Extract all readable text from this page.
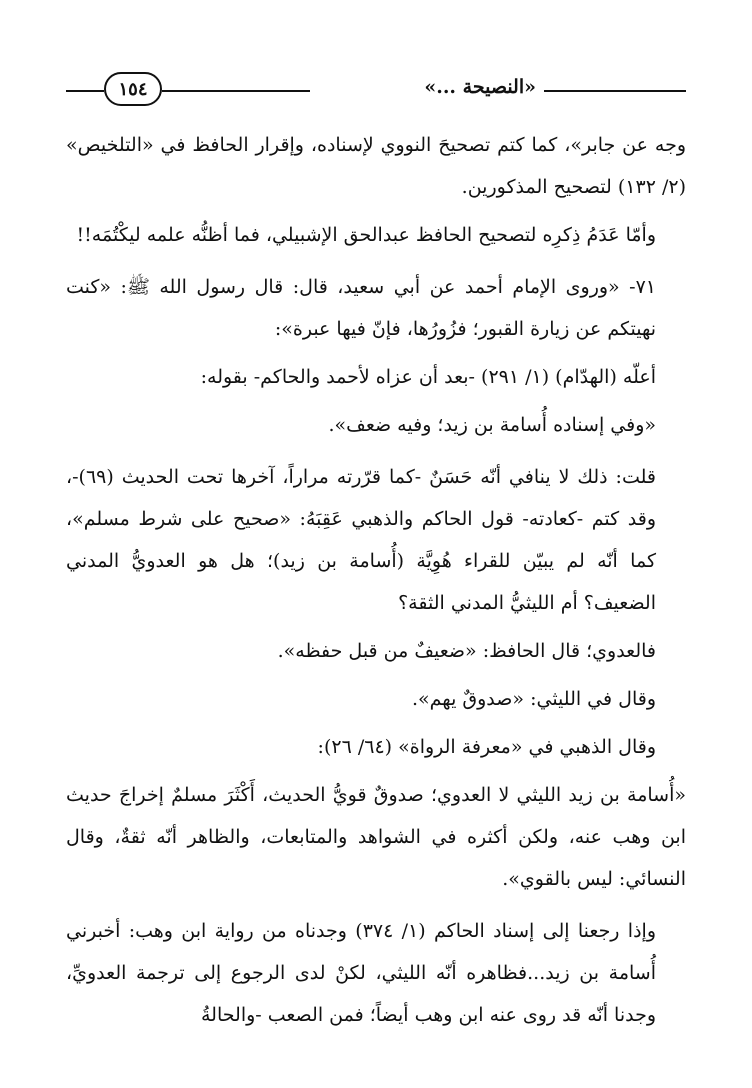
«النصيحة ...»
١٥٤

وجه عن جابر»، كما كتم تصحيحَ النووي لإسناده، وإقرار الحافظ في «التلخيص» (٢/ ١٣٢) لتصحيح المذكورين.

وأمّا عَدَمُ ذِكرِه لتصحيح الحافظ عبدالحق الإشبيلي، فما أظنُّه علمه ليكْتُمَه!!

٧١- «وروى الإمام أحمد عن أبي سعيد، قال: قال رسول الله ﷺ: «كنت نهيتكم عن زيارة القبور؛ فزُورُها، فإنّ فيها عبرة»:

أعلّه (الهدّام) (١/ ٢٩١) -بعد أن عزاه لأحمد والحاكم- بقوله:

«وفي إسناده أُسامة بن زيد؛ وفيه ضعف».

قلت: ذلك لا ينافي أنّه حَسَنٌ -كما قرّرته مراراً، آخرها تحت الحديث (٦٩)-، وقد كتم -كعادته- قول الحاكم والذهبي عَقِبَهُ: «صحيح على شرط مسلم»، كما أنّه لم يبيّن للقراء هُوِيَّة (أُسامة بن زيد)؛ هل هو العدويُّ المدني الضعيف؟ أم الليثيُّ المدني الثقة؟

فالعدوي؛ قال الحافظ: «ضعيفٌ من قبل حفظه».

وقال في الليثي: «صدوقٌ يهم».

وقال الذهبي في «معرفة الرواة» (٦٤/ ٢٦):

«أُسامة بن زيد الليثي لا العدوي؛ صدوقٌ قويُّ الحديث، أَكْثَرَ مسلمٌ إخراجَ حديث ابن وهب عنه، ولكن أكثره في الشواهد والمتابعات، والظاهر أنّه ثقةٌ، وقال النسائي: ليس بالقوي».

وإذا رجعنا إلى إسناد الحاكم (١/ ٣٧٤) وجدناه من رواية ابن وهب: أخبرني أُسامة بن زيد...فظاهره أنّه الليثي، لكنْ لدى الرجوع إلى ترجمة العدويِّ، وجدنا أنّه قد روى عنه ابن وهب أيضاً؛ فمن الصعب -والحالةُ
